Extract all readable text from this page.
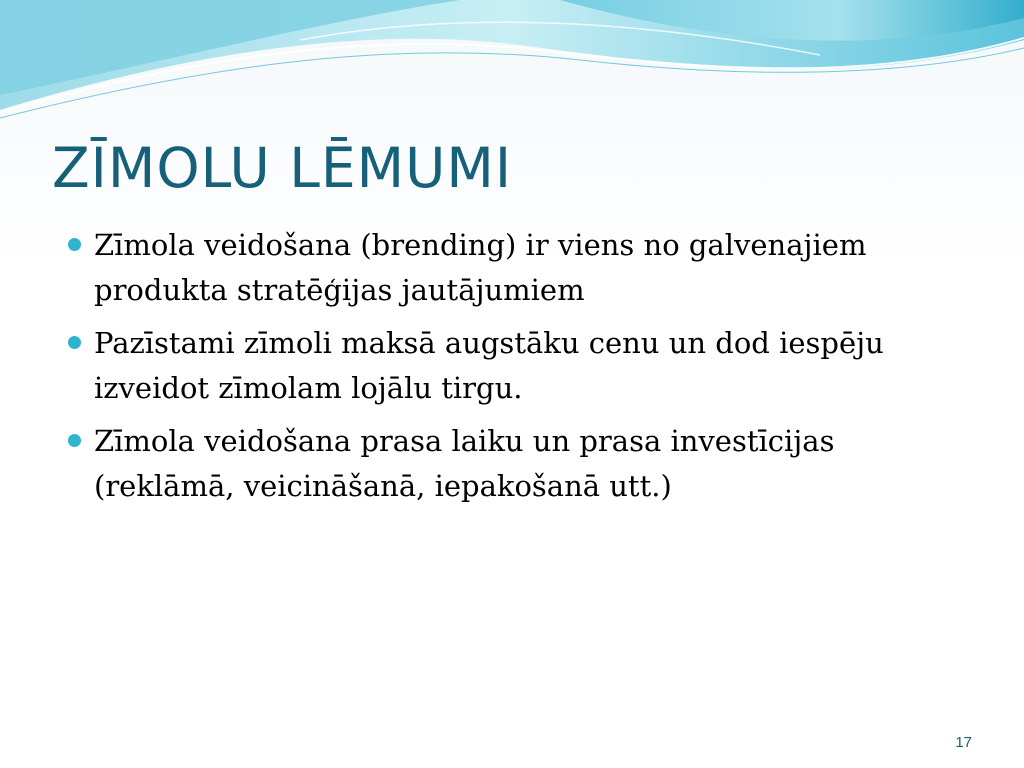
ZĪMOLU LĒMUMI
Zīmola veidošana (brending) ir viens no galvenajiem produkta stratēģijas jautājumiem
Pazīstami zīmoli maksā augstāku cenu un dod iespēju izveidot zīmolam lojālu tirgu.
Zīmola veidošana prasa laiku un prasa investīcijas (reklāmā, veicināšanā, iepakošanā utt.)
17
